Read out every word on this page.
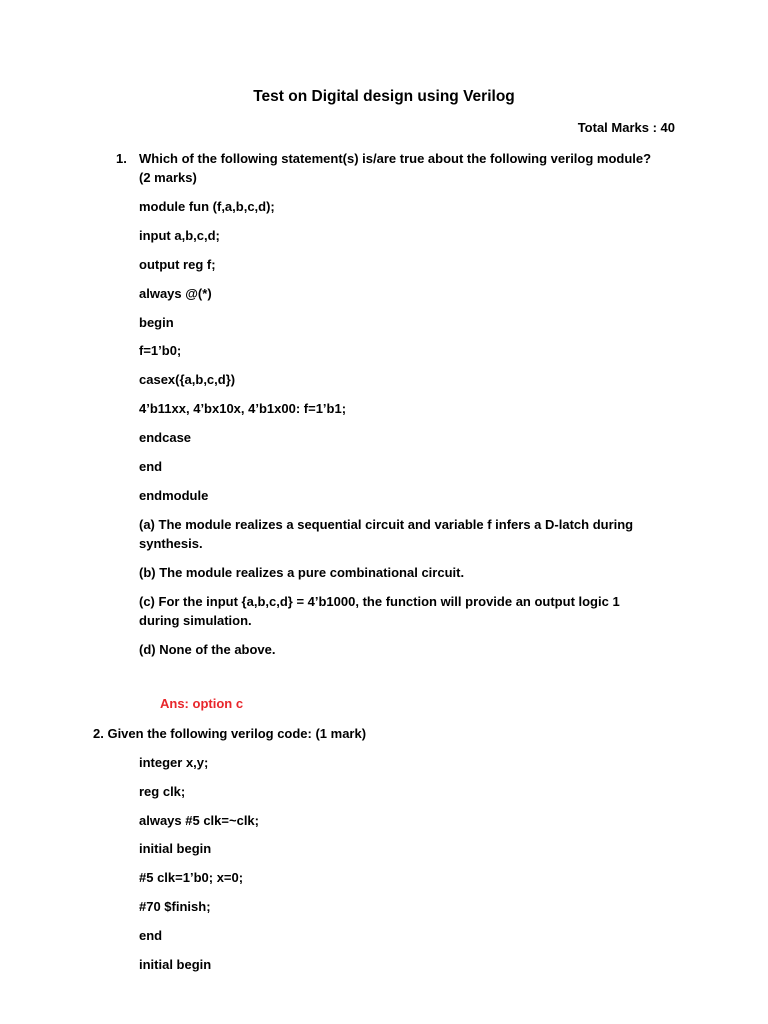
Test on Digital design using Verilog
Total Marks : 40
1. Which of the following statement(s) is/are true about the following verilog module?
(2 marks)
module fun (f,a,b,c,d);
input a,b,c,d;
output reg f;
always @(*)
begin
f=1’b0;
casex({a,b,c,d})
4’b11xx, 4’bx10x, 4’b1x00: f=1’b1;
endcase
end
endmodule
(a) The module realizes a sequential circuit and variable f infers a D-latch during
synthesis.
(b) The module realizes a pure combinational circuit.
(c) For the input {a,b,c,d} = 4’b1000, the function will provide an output logic 1
during simulation.
(d) None of the above.
Ans: option c
2. Given the following verilog code: (1 mark)
integer x,y;
reg clk;
always #5 clk=~clk;
initial begin
#5 clk=1’b0; x=0;
#70 $finish;
end
initial begin
